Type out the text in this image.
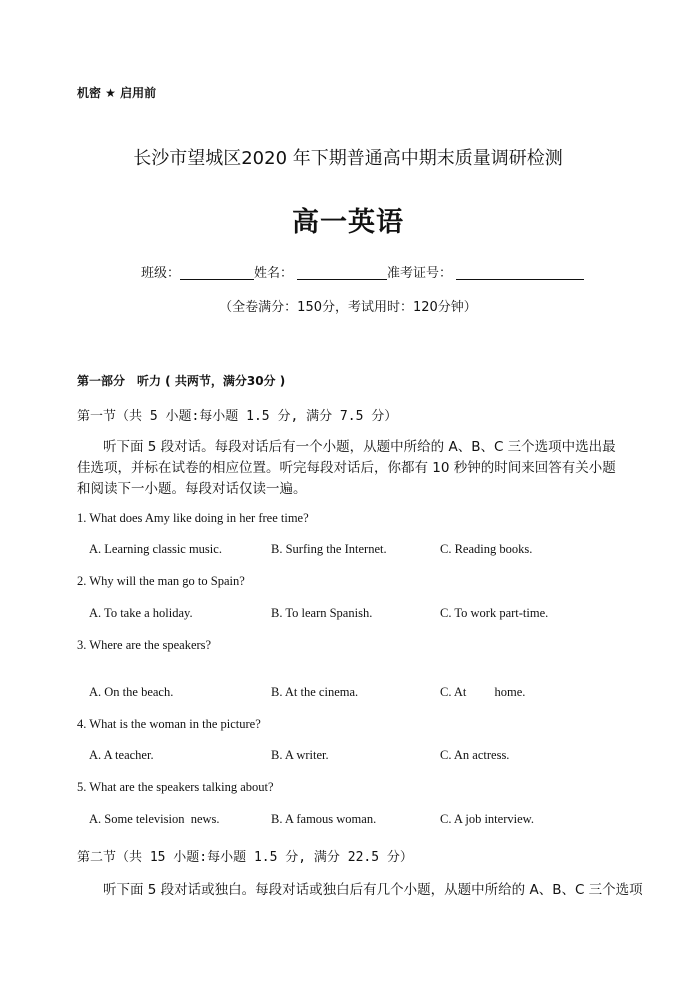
机密 ★ 启用前
长沙市望城区2020 年下期普通高中期末质量调研检测
高一英语
班级：	姓名：	准考证号：
（全卷满分：150分，考试用时：120分钟）
第一部分　听力 ( 共两节，满分30分 )
第一节（共 5 小题:每小题 1.5 分, 满分 7.5 分）
听下面 5 段对话。每段对话后有一个小题，从题中所给的 A、B、C 三个选项中选出最佳选项，并标在试卷的相应位置。听完每段对话后，你都有 10 秒钟的时间来回答有关小题和阅读下一小题。每段对话仅读一遍。
1. What does Amy like doing in her free time?
A. Learning classic music.	B. Surfing the Internet.	C. Reading books.
2. Why will the man go to Spain?
A. To take a holiday.	B. To learn Spanish.	C. To work part-time.
3. Where are the speakers?
A. On the beach.	B. At the cinema.	C. At         home.
4. What is the woman in the picture?
A. A teacher.	B. A writer.	C. An actress.
5. What are the speakers talking about?
A. Some television  news.	B. A famous woman.	C. A job interview.
第二节（共 15 小题:每小题 1.5 分, 满分 22.5 分）
听下面 5 段对话或独白。每段对话或独白后有几个小题，从题中所给的 A、B、C 三个选项
